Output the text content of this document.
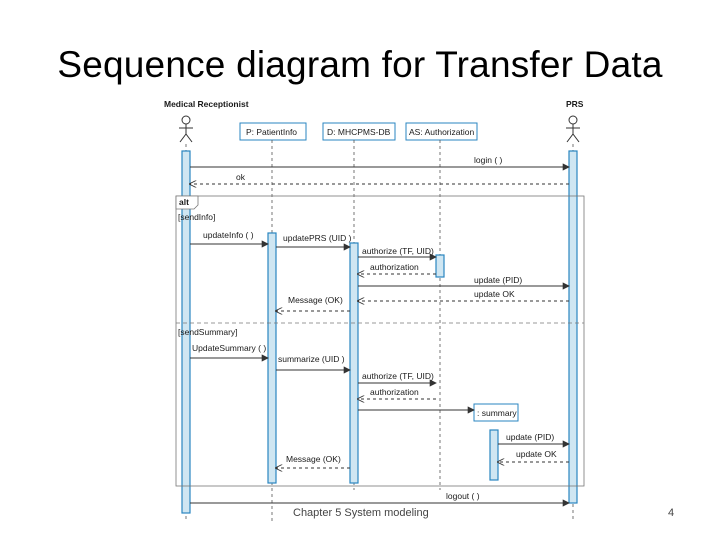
Sequence diagram for Transfer Data
Medical Receptionist	PRS
P: PatientInfo	D: MHCPMS-DB AS: Authorization
: summary
alt
[sendInfo]
[sendSummary]
login ( )
ok
updateInfo ( )	updatePRS (UID )
authorize (TF, UID)
authorization
update (PID)
update OK
Message (OK)
UpdateSummary ( )
summarize (UID )
authorize (TF, UID)
authorization
update (PID)
update OK
Message (OK)
logout ( )
Chapter 5 System modeling	4
